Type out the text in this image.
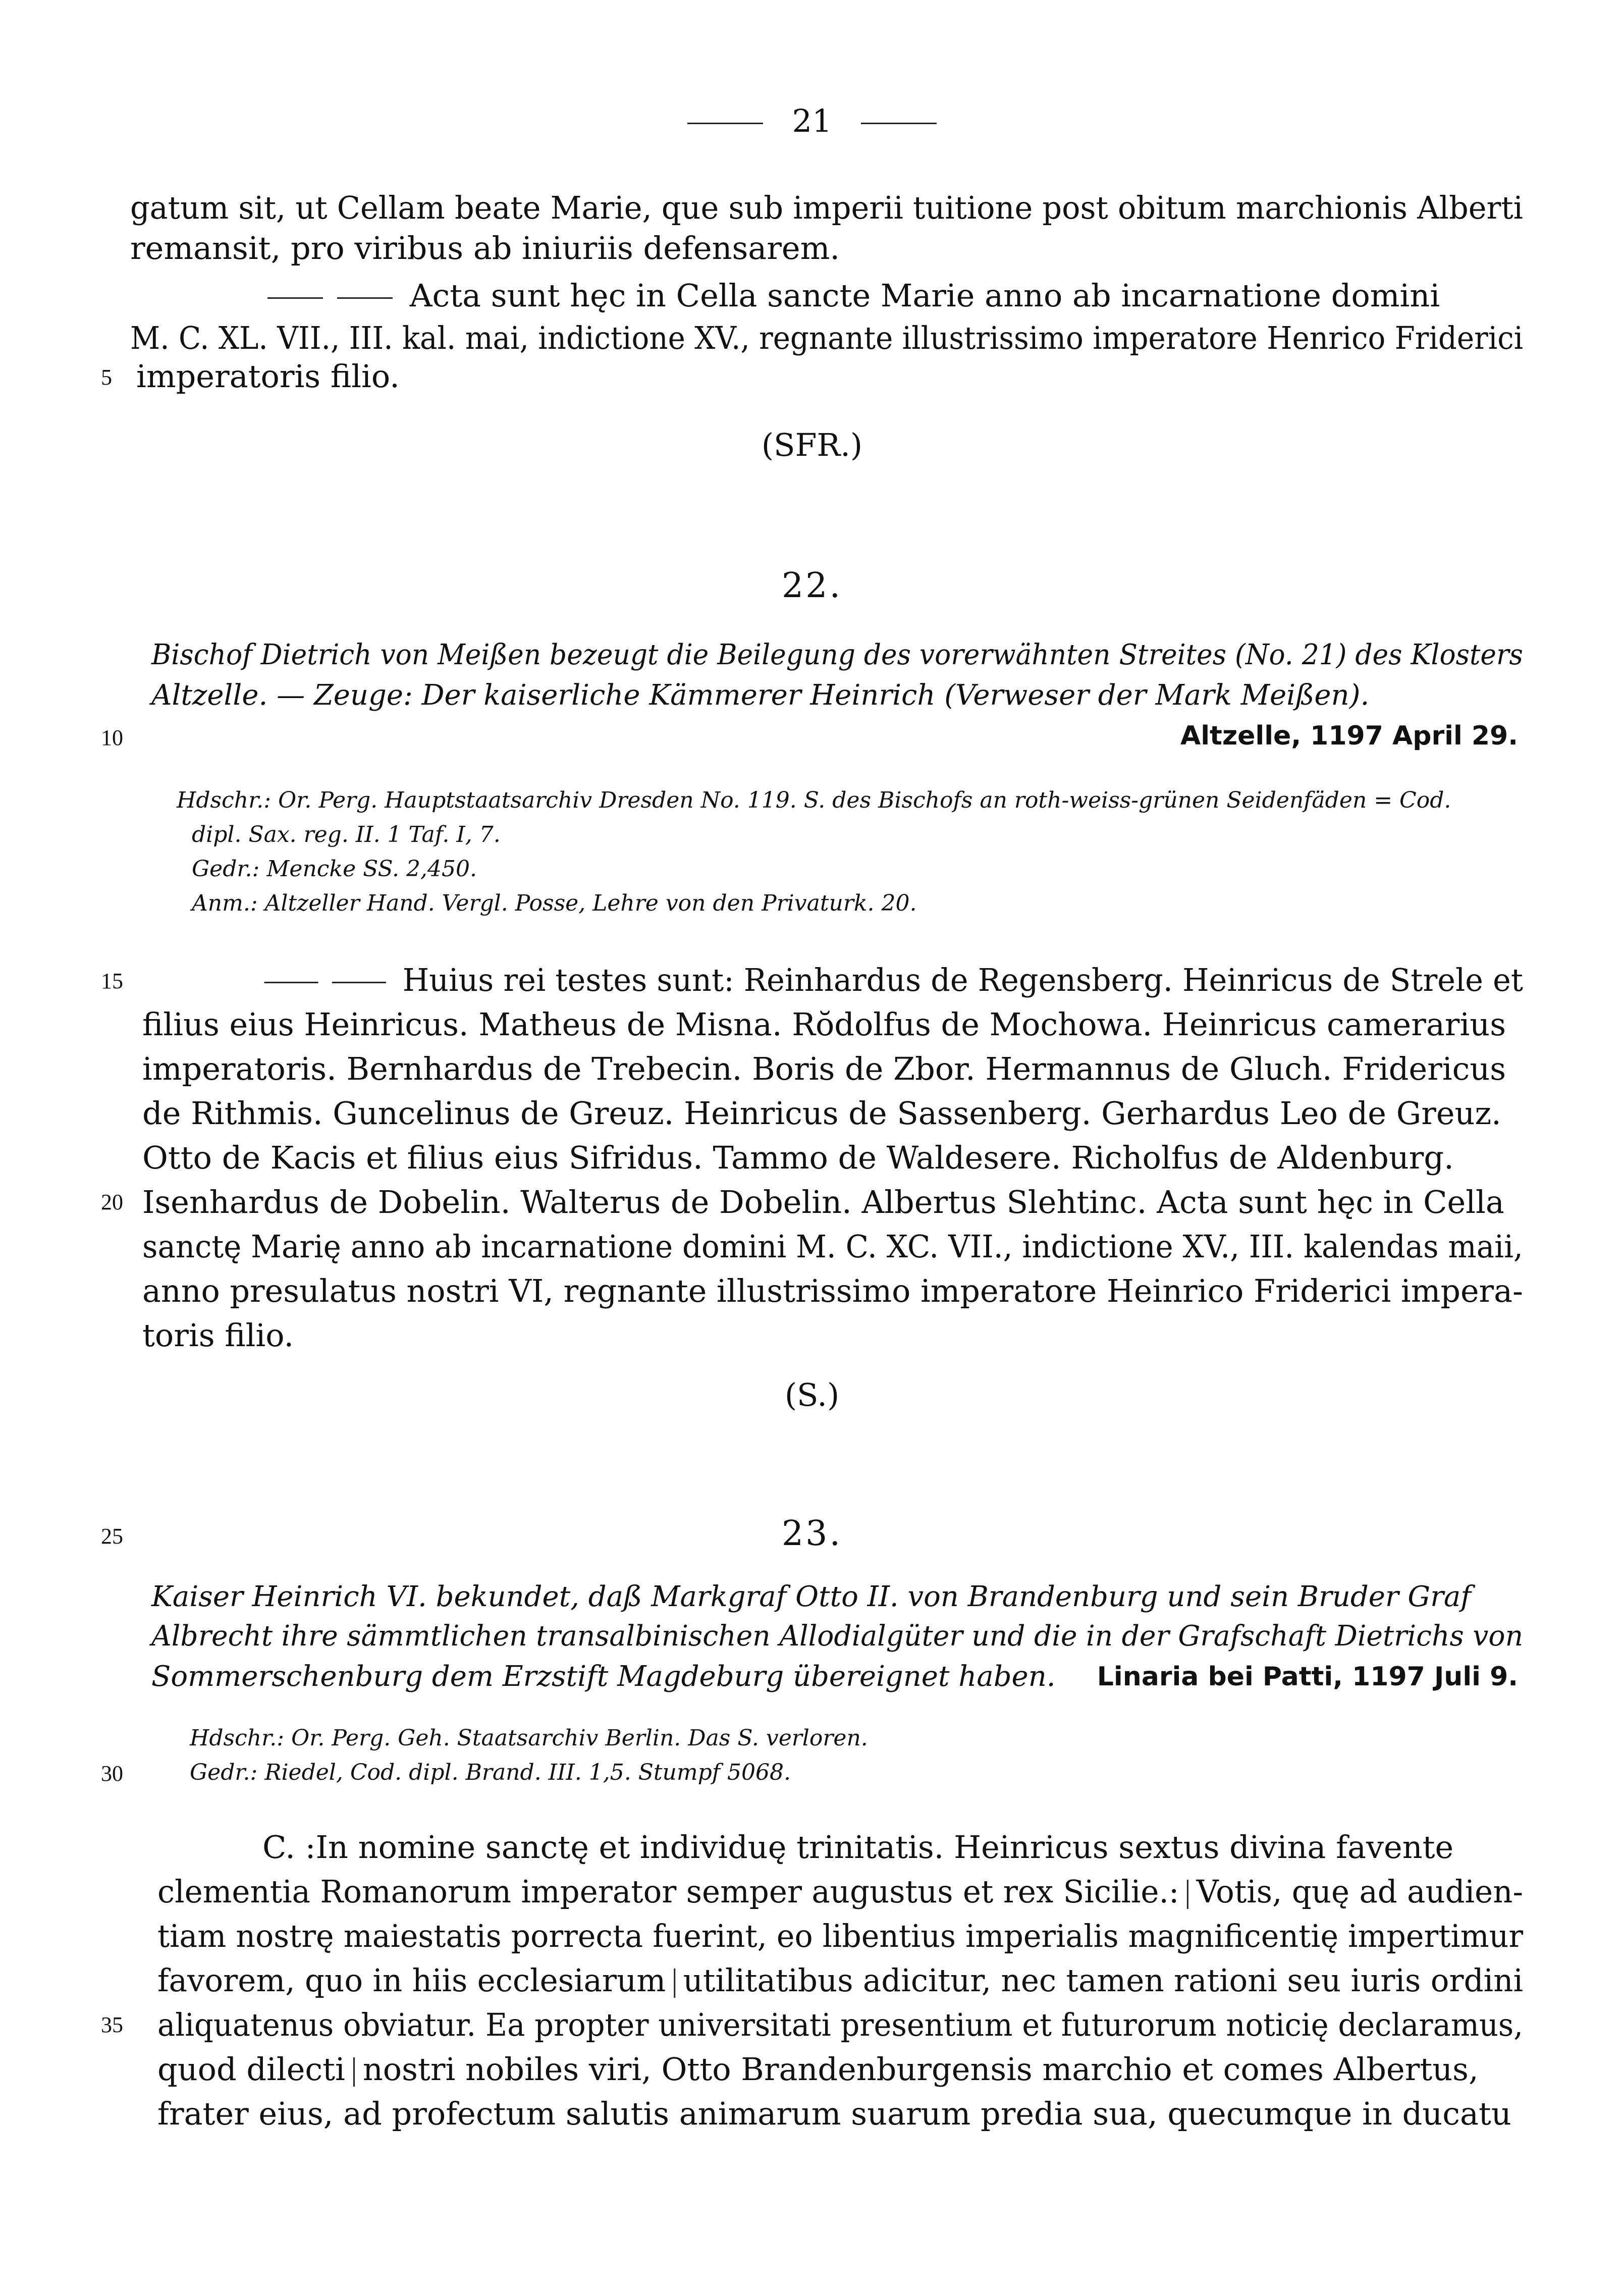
21
gatum sit, ut Cellam beate Marie, que sub imperii tuitione post obitum marchionis Alberti
remansit, pro viribus ab iniuriis defensarem.
Acta sunt hęc in Cella sancte Marie anno ab incarnatione domini
M. C. XL. VII., III. kal. mai, indictione XV., regnante illustrissimo imperatore Henrico Friderici
5 imperatoris filio.
(SFR.)
22.
Bischof Dietrich von Meißen bezeugt die Beilegung des vorerwähnten Streites (No. 21) des Klosters
Altzelle. — Zeuge: Der kaiserliche Kämmerer Heinrich (Verweser der Mark Meißen).
10	Altzelle, 1197 April 29.
Hdschr.: Or. Perg. Hauptstaatsarchiv Dresden No. 119. S. des Bischofs an roth-weiss-grünen Seidenfäden = Cod.
dipl. Sax. reg. II. 1 Taf. I, 7.
Gedr.: Mencke SS. 2,450.
Anm.: Altzeller Hand. Vergl. Posse, Lehre von den Privaturk. 20.
15	Huius rei testes sunt: Reinhardus de Regensberg. Heinricus de Strele et
filius eius Heinricus. Matheus de Misna. Rŏdolfus de Mochowa. Heinricus camerarius
imperatoris. Bernhardus de Trebecin. Boris de Zbor. Hermannus de Gluch. Fridericus
de Rithmis. Guncelinus de Greuz. Heinricus de Sassenberg. Gerhardus Leo de Greuz.
Otto de Kacis et filius eius Sifridus. Tammo de Waldesere. Richolfus de Aldenburg.
20 Isenhardus de Dobelin. Walterus de Dobelin. Albertus Slehtinc. Acta sunt hęc in Cella
sanctę Marię anno ab incarnatione domini M. C. XC. VII., indictione XV., III. kalendas maii,
anno presulatus nostri VI, regnante illustrissimo imperatore Heinrico Friderici impera-
toris filio.
(S.)
25	23.
Kaiser Heinrich VI. bekundet, daß Markgraf Otto II. von Brandenburg und sein Bruder Graf
Albrecht ihre sämmtlichen transalbinischen Allodialgüter und die in der Grafschaft Dietrichs von
Sommerschenburg dem Erzstift Magdeburg übereignet haben. Linaria bei Patti, 1197 Juli 9.
Hdschr.: Or. Perg. Geh. Staatsarchiv Berlin. Das S. verloren.
30	Gedr.: Riedel, Cod. dipl. Brand. III. 1,5. Stumpf 5068.
C. :In nomine sanctę et individuę trinitatis. Heinricus sextus divina favente
clementia Romanorum imperator semper augustus et rex Sicilie.: Votis, quę ad audien-
tiam nostrę maiestatis porrecta fuerint, eo libentius imperialis magnificentię impertimur
favorem, quo in hiis ecclesiarum utilitatibus adicitur, nec tamen rationi seu iuris ordini
35 aliquatenus obviatur. Ea propter universitati presentium et futurorum noticię declaramus,
quod dilecti nostri nobiles viri, Otto Brandenburgensis marchio et comes Albertus,
frater eius, ad profectum salutis animarum suarum predia sua, quecumque in ducatu
